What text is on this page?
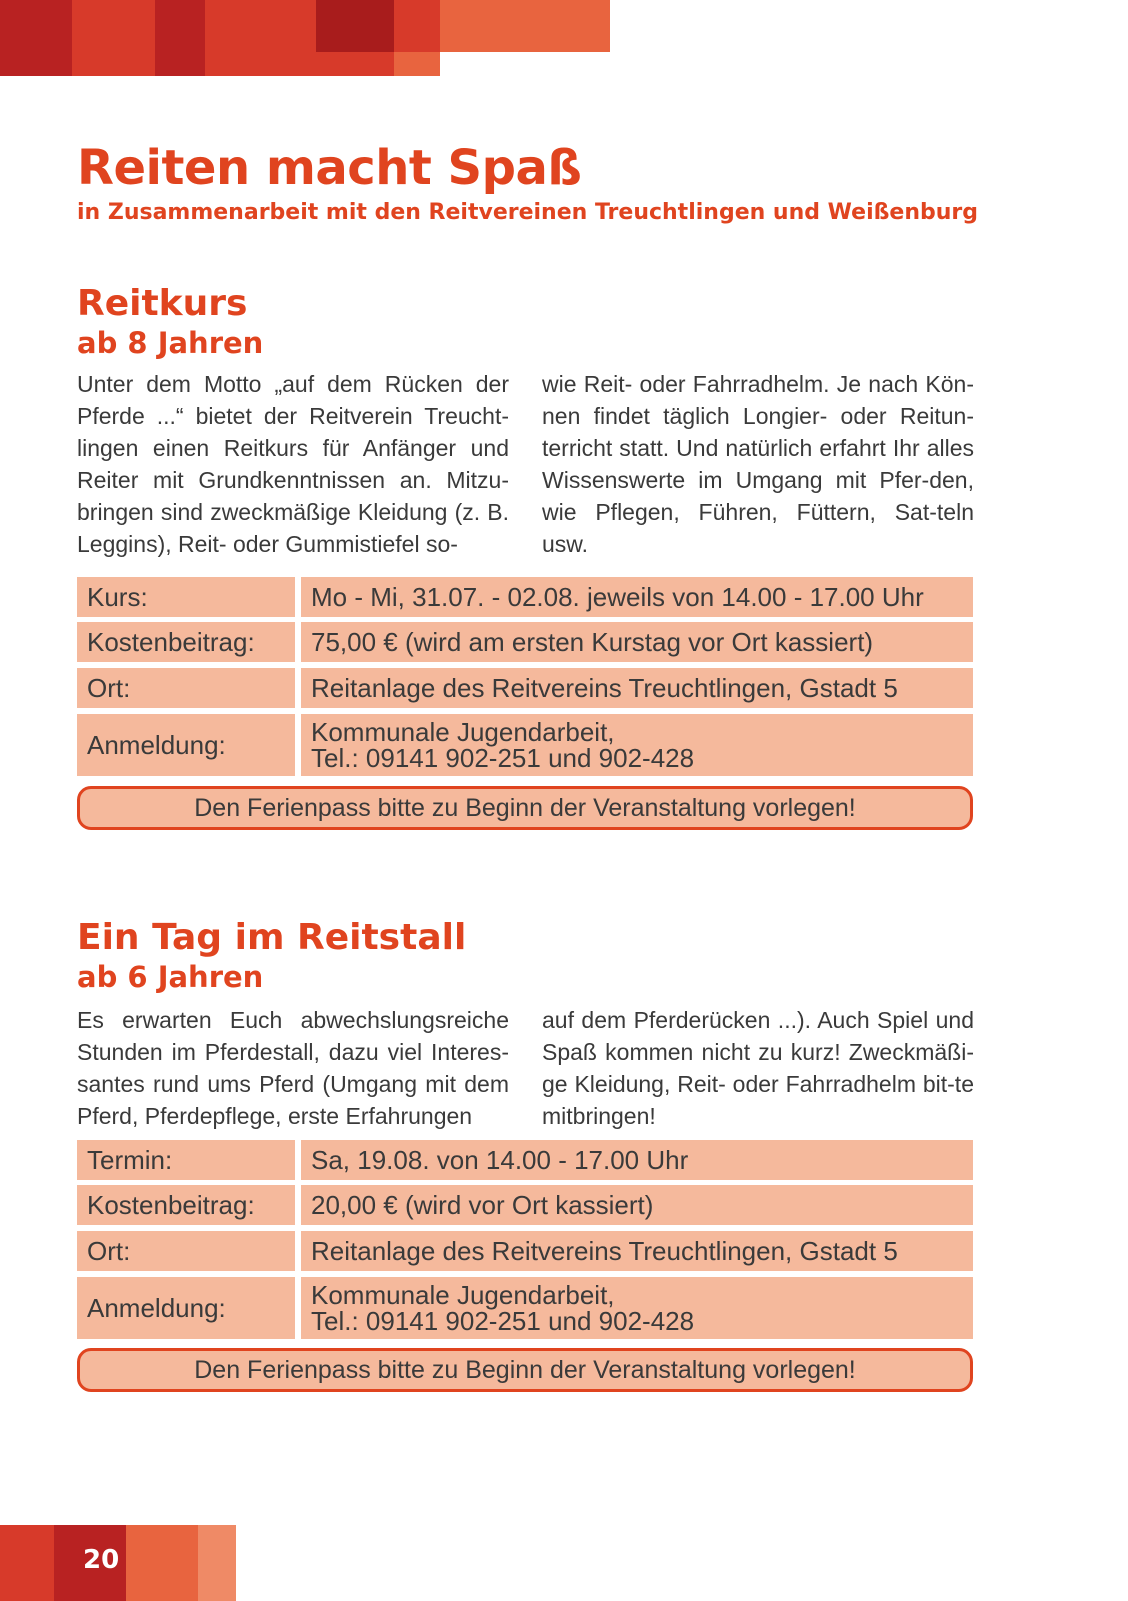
Reiten macht Spaß
in Zusammenarbeit mit den Reitvereinen Treuchtlingen und Weißenburg
Reitkurs
ab 8 Jahren

Unter dem Motto „auf dem Rücken der Pferde ...“ bietet der Reitverein Treucht-lingen einen Reitkurs für Anfänger und Reiter mit Grundkenntnissen an. Mitzu-bringen sind zweckmäßige Kleidung (z. B. Leggins), Reit- oder Gummistiefel so-

wie Reit- oder Fahrradhelm. Je nach Kön-nen findet täglich Longier- oder Reitun-terricht statt. Und natürlich erfahrt Ihr alles Wissenswerte im Umgang mit Pfer-den, wie Pflegen, Führen, Füttern, Sat-teln usw.

Kurs:	Mo - Mi, 31.07. - 02.08. jeweils von 14.00 - 17.00 Uhr
Kostenbeitrag:	75,00 € (wird am ersten Kurstag vor Ort kassiert)
Ort:	Reitanlage des Reitvereins Treuchtlingen, Gstadt 5
Anmeldung:	Kommunale Jugendarbeit,
Tel.: 09141 902-251 und 902-428
Den Ferienpass bitte zu Beginn der Veranstaltung vorlegen!
Ein Tag im Reitstall
ab 6 Jahren

Es erwarten Euch abwechslungsreiche Stunden im Pferdestall, dazu viel Interes-santes rund ums Pferd (Umgang mit dem Pferd, Pferdepflege, erste Erfahrungen

auf dem Pferderücken ...). Auch Spiel und Spaß kommen nicht zu kurz! Zweckmäßi-ge Kleidung, Reit- oder Fahrradhelm bit-te mitbringen!

Termin:	Sa, 19.08. von 14.00 - 17.00 Uhr
Kostenbeitrag:	20,00 € (wird vor Ort kassiert)
Ort:	Reitanlage des Reitvereins Treuchtlingen, Gstadt 5
Anmeldung:	Kommunale Jugendarbeit,
Tel.: 09141 902-251 und 902-428
Den Ferienpass bitte zu Beginn der Veranstaltung vorlegen!
20
